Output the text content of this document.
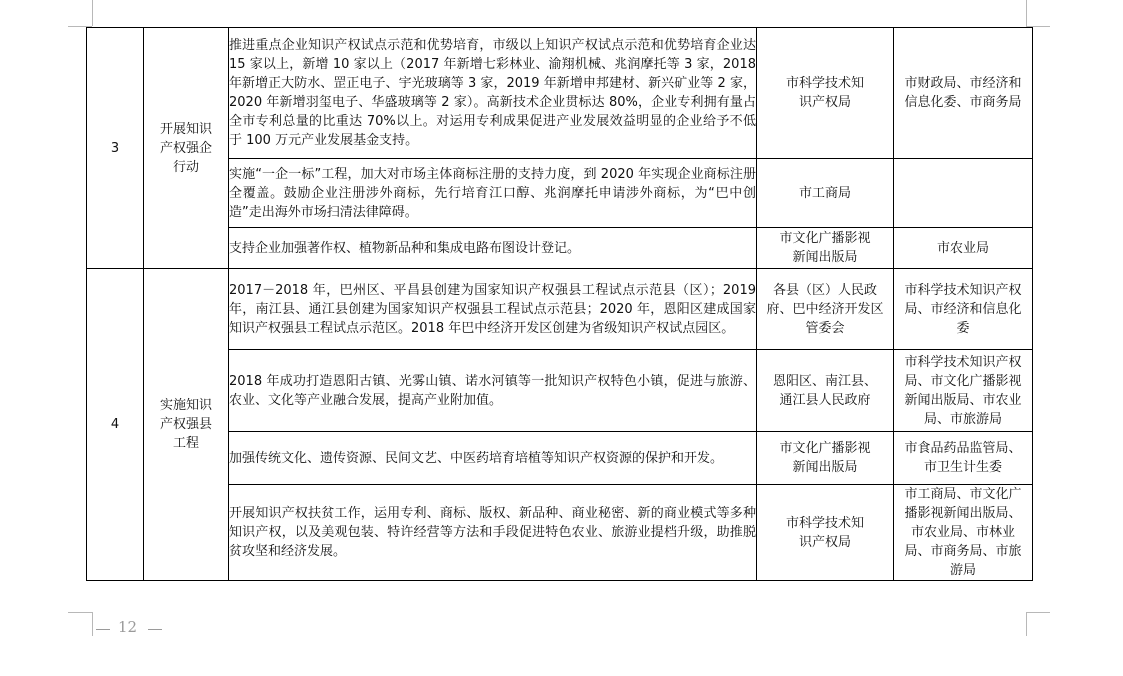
3	开展知识产权强企行动	推进重点企业知识产权试点示范和优势培育，市级以上知识产权试点示范和优势培育企业达 15 家以上，新增 10 家以上（2017 年新增七彩林业、渝翔机械、兆润摩托等 3 家，2018 年新增正大防水、罡正电子、宇光玻璃等 3 家，2019 年新增申邦建材、新兴矿业等 2 家，2020 年新增羽玺电子、华盛玻璃等 2 家）。高新技术企业贯标达 80%，企业专利拥有量占全市专利总量的比重达 70%以上。对运用专利成果促进产业发展效益明显的企业给予不低于 100 万元产业发展基金支持。	市科学技术知识产权局	市财政局、市经济和信息化委、市商务局

		实施“一企一标”工程，加大对市场主体商标注册的支持力度，到 2020 年实现企业商标注册全覆盖。鼓励企业注册涉外商标，先行培育江口醇、兆润摩托申请涉外商标，为“巴中创造”走出海外市场扫清法律障碍。	市工商局	
		支持企业加强著作权、植物新品种和集成电路布图设计登记。	市文化广播影视新闻出版局	市农业局
4	实施知识产权强县工程	2017－2018 年，巴州区、平昌县创建为国家知识产权强县工程试点示范县（区）；2019 年，南江县、通江县创建为国家知识产权强县工程试点示范县；2020 年，恩阳区建成国家知识产权强县工程试点示范区。2018 年巴中经济开发区创建为省级知识产权试点园区。	各县（区）人民政府、巴中经济开发区管委会	市科学技术知识产权局、市经济和信息化委

		2018 年成功打造恩阳古镇、光雾山镇、诺水河镇等一批知识产权特色小镇，促进与旅游、农业、文化等产业融合发展，提高产业附加值。	恩阳区、南江县、通江县人民政府	市科学技术知识产权局、市文化广播影视新闻出版局、市农业局、市旅游局

		加强传统文化、遗传资源、民间文艺、中医药培育培植等知识产权资源的保护和开发。	市文化广播影视新闻出版局	市食品药品监管局、市卫生计生委

		开展知识产权扶贫工作，运用专利、商标、版权、新品种、商业秘密、新的商业模式等多种知识产权，以及美观包装、特许经营等方法和手段促进特色农业、旅游业提档升级，助推脱贫攻坚和经济发展。	市科学技术知识产权局	市工商局、市文化广播影视新闻出版局、市农业局、市林业局、市商务局、市旅游局
12
